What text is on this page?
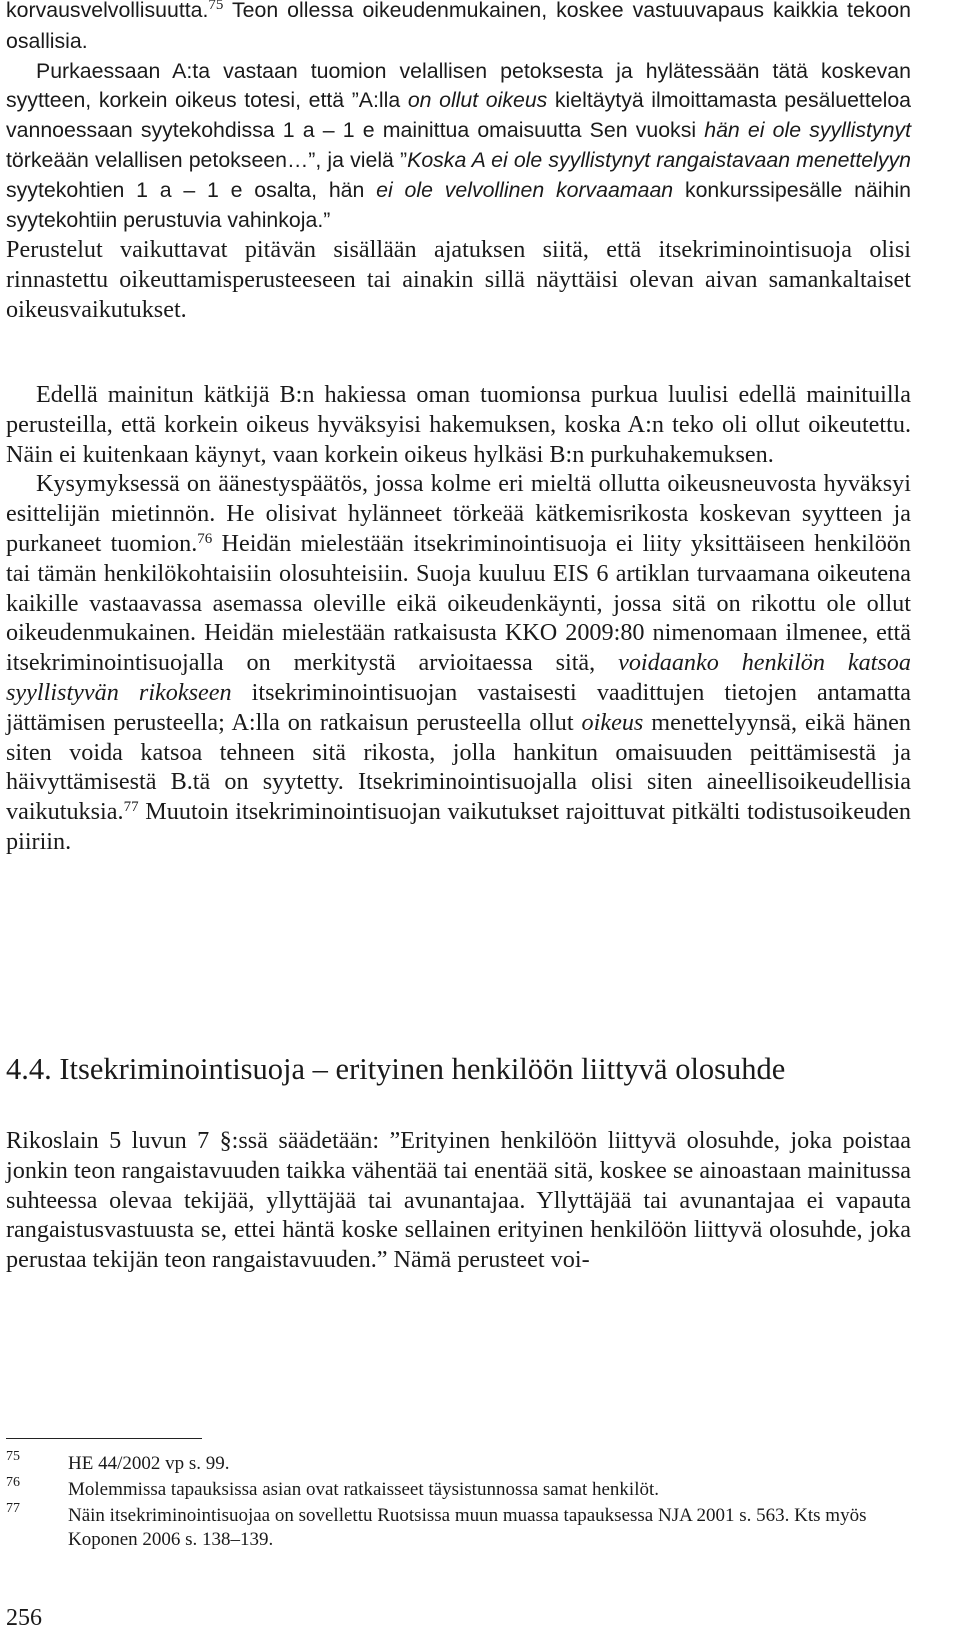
korvausvelvollisuutta.$^{75}$ Teon ollessa oikeudenmukainen, koskee vastuuvapaus kaikkia tekoon osallisia.

Purkaessaan A:ta vastaan tuomion velallisen petoksesta ja hylätessään tätä koskevan syytteen, korkein oikeus totesi, että ”A:lla on ollut oikeus kieltäytyä ilmoittamasta pesäluetteloa vannoessaan syytekohdissa 1 a – 1 e mainittua omaisuutta Sen vuoksi hän ei ole syyllistynyt törkeään velallisen petokseen…”, ja vielä ”Koska A ei ole syyllistynyt rangaistavaan menettelyyn syytekohtien 1 a – 1 e osalta, hän ei ole velvollinen korvaamaan konkurssipesälle näihin syytekohtiin perustuvia vahinkoja.”

Perustelut vaikuttavat pitävän sisällään ajatuksen siitä, että itsekriminointisuoja olisi rinnastettu oikeuttamisperusteeseen tai ainakin sillä näyttäisi olevan aivan samankaltaiset oikeusvaikutukset.

Edellä mainitun kätkijä B:n hakiessa oman tuomionsa purkua luulisi edellä mainituilla perusteilla, että korkein oikeus hyväksyisi hakemuksen, koska A:n teko oli ollut oikeutettu. Näin ei kuitenkaan käynyt, vaan korkein oikeus hylkäsi B:n purkuhakemuksen.

Kysymyksessä on äänestyspäätös, jossa kolme eri mieltä ollutta oikeusneuvosta hyväksyi esittelijän mietinnön. He olisivat hylänneet törkeää kätkemisrikosta koskevan syytteen ja purkaneet tuomion.$^{76}$ Heidän mielestään itsekriminointisuoja ei liity yksittäiseen henkilöön tai tämän henkilökohtaisiin olosuhteisiin. Suoja kuuluu EIS 6 artiklan turvaamana oikeutena kaikille vastaavassa asemassa oleville eikä oikeudenkäynti, jossa sitä on rikottu ole ollut oikeudenmukainen. Heidän mielestään ratkaisusta KKO 2009:80 nimenomaan ilmenee, että itsekriminointisuojalla on merkitystä arvioitaessa sitä, voidaanko henkilön katsoa syyllistyvän rikokseen itsekriminointisuojan vastaisesti vaadittujen tietojen antamatta jättämisen perusteella; A:lla on ratkaisun perusteella ollut oikeus menettelyynsä, eikä hänen siten voida katsoa tehneen sitä rikosta, jolla hankitun omaisuuden peittämisestä ja häivyttämisestä B.tä on syytetty. Itsekriminointisuojalla olisi siten aineellisoikeudellisia vaikutuksia.$^{77}$ Muutoin itsekriminointisuojan vaikutukset rajoittuvat pitkälti todistusoikeuden piiriin.

4.4. Itsekriminointisuoja – erityinen henkilöön liittyvä olosuhde

Rikoslain 5 luvun 7 §:ssä säädetään: ”Erityinen henkilöön liittyvä olosuhde, joka poistaa jonkin teon rangaistavuuden taikka vähentää tai enentää sitä, koskee se ainoastaan mainitussa suhteessa olevaa tekijää, yllyttäjää tai avunantajaa. Yllyttäjää tai avunantajaa ei vapauta rangaistusvastuusta se, ettei häntä koske sellainen erityinen henkilöön liittyvä olosuhde, joka perustaa tekijän teon rangaistavuuden.” Nämä perusteet voi-

75	HE 44/2002 vp s. 99.
76	Molemmissa tapauksissa asian ovat ratkaisseet täysistunnossa samat henkilöt.
77	Näin itsekriminointisuojaa on sovellettu Ruotsissa muun muassa tapauksessa NJA 2001 s. 563. Kts myös Koponen 2006 s. 138–139.

256
